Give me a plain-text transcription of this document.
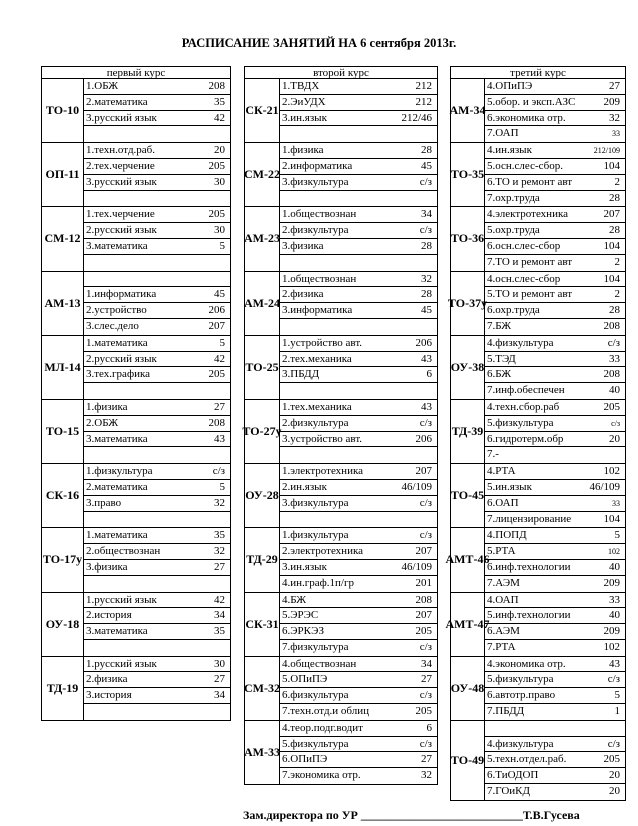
РАСПИСАНИЕ ЗАНЯТИЙ НА 6 сентября 2013г.
первый курс
ТО-10
1.ОБЖ	208
2.математика	35
3.русский язык	42
ОП-11
1.техн.отд.раб.	20
2.тех.черчение	205
3.русский язык	30
СМ -12
1.тех.черчение	205
2.русский язык	30
3.математика	5
АМ -13
1.информатика	45
2.устройство	206
3.слес.дело	207
МЛ -14
1.математика	5
2.русский язык	42
3.тех.графика	205
ТО-15
1.физика	27
2.ОБЖ	208
3.математика	43
СК-16
1.физкультура	с/з
2.математика	5
3.право	32
ТО-17у
1.математика	35
2.обществознан	32
3.физика	27
ОУ-18
1.русский язык	42
2.история	34
3.математика	35
ТД-19
1.русский язык	30
2.физика	27
3.история	34
второй курс
СК-21
1.ТВДХ	212
2.ЭиУДХ	212
3.ин.язык	212/46
СМ -22
1.физика	28
2.информатика	45
3.физкультура	с/з
АМ -23
1.обществознан	34
2.физкультура	с/з
3.физика	28
АМ -24
1.обществознан	32
2.физика	28
3.информатика	45
ТО-25
1.устройство авт.	206
2.тех.механика	43
3.ПБДД	6
ТО-27у
1.тех.механика	43
2.физкультура	с/з
3.устройство авт.	206
ОУ-28
1.электротехника	207
2.ин.язык	46/109
3.физкультура	с/з
ТД-29
1.физкультура	с/з
2.электротехника	207
3.ин.язык	46/109
4.ин.граф.1п/гр	201
СК-31
4.БЖ	208
5.ЭРЭС	207
6.ЭРКЭЗ	205
7.физкультура	с/з
СМ -32
4.обществознан	34
5.ОПиПЭ	27
6.физкультура	с/з
7.техн.отд.и облиц	205
АМ -33
4.теор.подг.водит	6
5.физкультура	с/з
6.ОПиПЭ	27
7.экономика отр.	32
третий курс
АМ -34
4.ОПиПЭ	27
5.обор. и эксп.АЗС	209
6.экономика отр.	32
7.ОАП	33
ТО -35
4.ин.язык	212/109
5.осн.слес-сбор.	104
6.ТО и ремонт авт	2
7.охр.труда	28
ТО -36
4.электротехника	207
5.охр.труда	28
6.осн.слес-сбор	104
7.ТО и ремонт авт	2
ТО - 37у
4.осн.слес-сбор	104
5.ТО и ремонт авт	2
6.охр.труда	28
7.БЖ	208
ОУ -38
4.физкультура	с/з
5.ТЭД	33
6.БЖ	208
7.инф.обеспечен	40
ТД-39
4.техн.сбор.раб	205
5.физкультура	с/з
6.гидротерм.обр	20
7.-
ТО-45
4.РТА	102
5.ин.язык	46/109
6.ОАП	33
7.лицензирование	104
АМТ -46
4.ПОПД	5
5.РТА	102
6.инф.технологии	40
7.АЭМ	209
АМТ -47
4.ОАП	33
5.инф.технологии	40
6.АЭМ	209
7.РТА	102
ОУ -48
4.экономика отр.	43
5.физкультура	с/з
6.автотр.право	5
7.ПБДД	1
ТО -49
4.физкультура	с/з
5.техн.отдел.раб.	205
6.ТиОДОП	20
7.ГОиКД	20
Зам.директора по УР ___________________________Т.В.Гусева
